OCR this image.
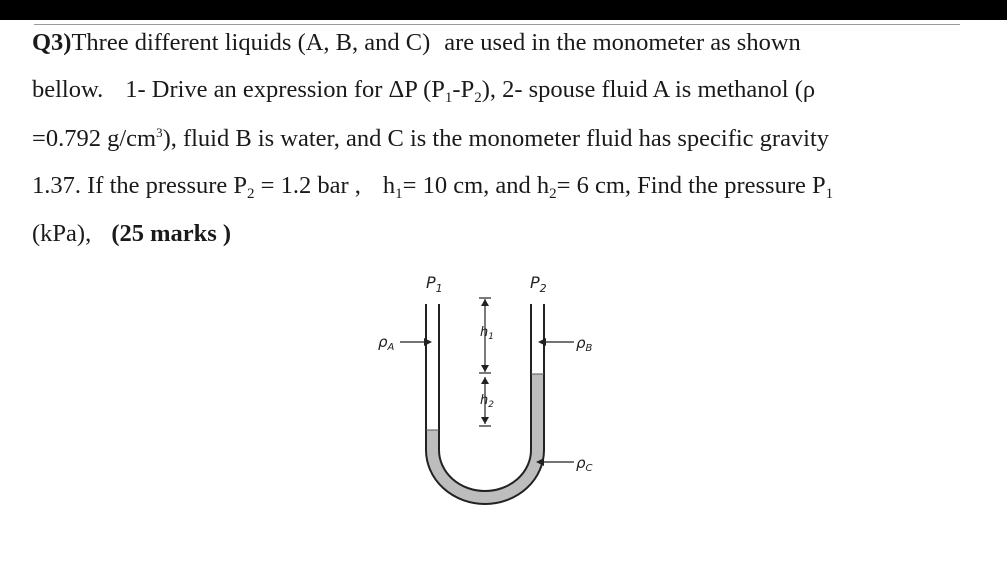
Q3)Three different liquids (A, B, and C) are used in the monometer as shown
bellow. 1- Drive an expression for ΔP $(P_1-P_2)$, 2- spouse fluid A is methanol (ρ
=0.792 $g/cm^3$), fluid B is water, and C is the monometer fluid has specific gravity
1.37. If the pressure $P_2 = 1.2$ bar , $h_1= 10$ cm, and $h_2= 6$ cm, Find the pressure $P_1$
(kPa), (25 marks )
$P_1$	$P_2$
$h_1$
$h_2$
$\rho_A$	$\rho_B$
$\rho_C$
